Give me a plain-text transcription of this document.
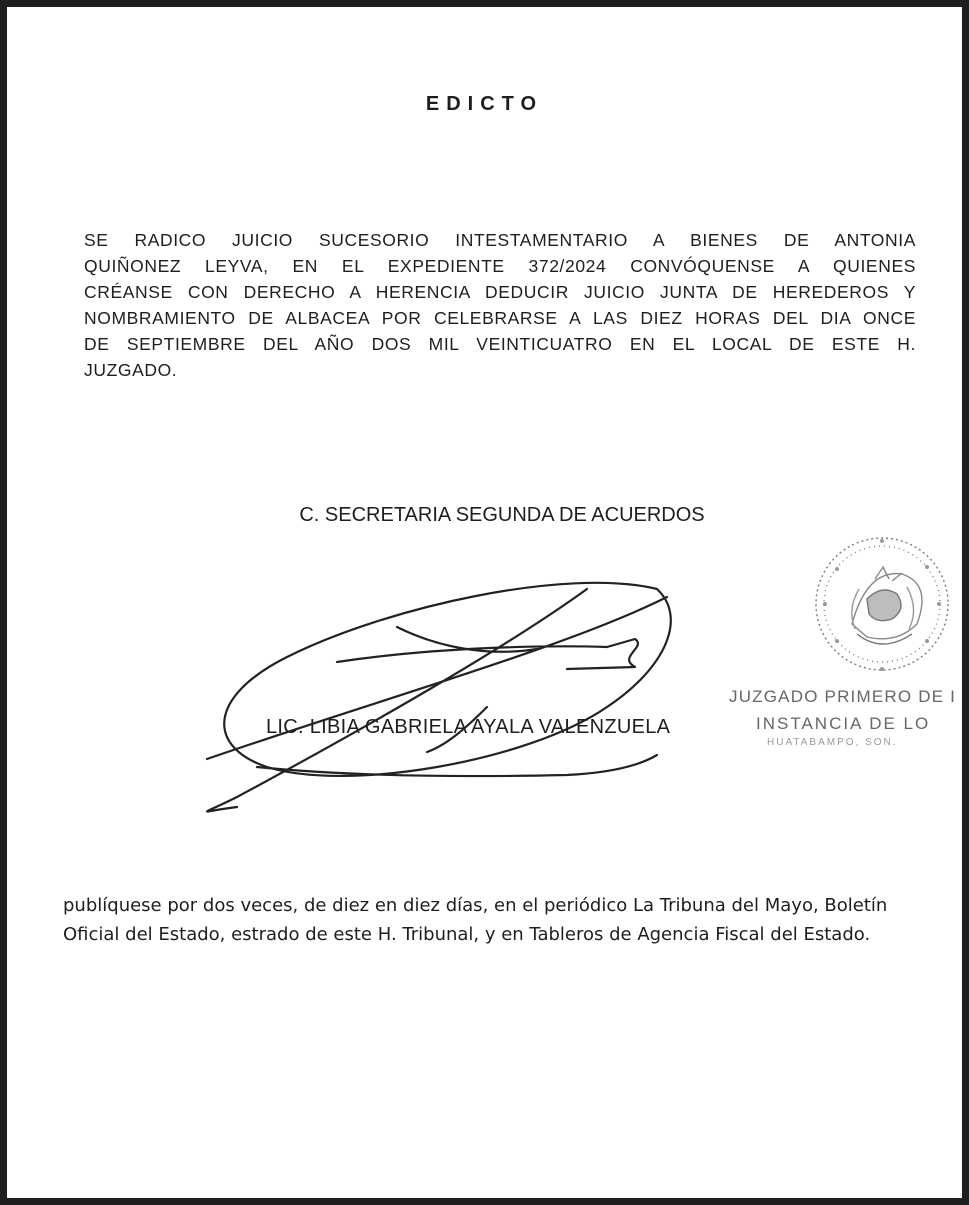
EDICTO

SE RADICO JUICIO SUCESORIO INTESTAMENTARIO A BIENES DE ANTONIA
QUIÑONEZ LEYVA, EN EL EXPEDIENTE 372/2024 CONVÓQUENSE A QUIENES
CRÉANSE CON DERECHO A HERENCIA DEDUCIR JUICIO JUNTA DE HEREDEROS Y
NOMBRAMIENTO DE ALBACEA POR CELEBRARSE A LAS DIEZ HORAS DEL DIA ONCE
DE SEPTIEMBRE DEL AÑO DOS MIL VEINTICUATRO EN EL LOCAL DE ESTE H.
JUZGADO.

C. SECRETARIA SEGUNDA DE ACUERDOS
JUZGADO PRIMERO DE I
INSTANCIA DE LO
HUATABAMPO, SON.
LIC. LIBIA GABRIELA AYALA VALENZUELA
publíquese por dos veces, de diez en diez días, en el periódico La Tribuna del Mayo, Boletín Oficial del Estado, estrado de este H. Tribunal, y en Tableros de Agencia Fiscal del Estado.
